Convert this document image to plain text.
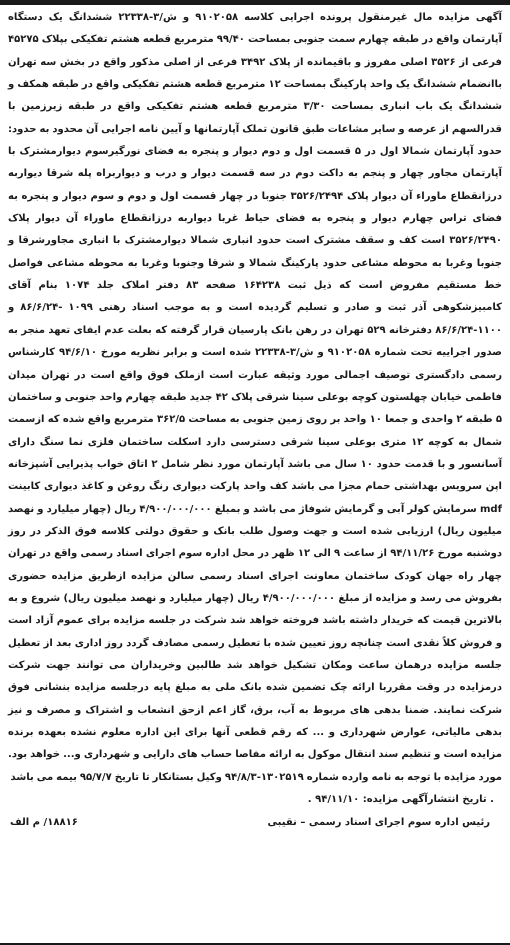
آگهی مزایده مال غیرمنقول پرونده اجرایی کلاسه ۹۱۰۲۰۵۸ و ش/۳-۲۲۳۳۸ ششدانگ یک دستگاه آپارتمان واقع در طبقه چهارم سمت جنوبی بمساحت ۹۹/۴۰ مترمربع قطعه هشتم تفکیکی بپلاک ۴۵۲۷۵ فرعی از ۳۵۲۶ اصلی مفروز و باقیمانده از پلاک ۳۴۹۲ فرعی از اصلی مذکور واقع در بخش سه تهران باانضمام ششدانگ یک واحد پارکینگ بمساحت ۱۲ مترمربع قطعه هشتم تفکیکی واقع در طبقه همکف و ششدانگ یک باب انباری بمساحت ۳/۳۰ مترمربع قطعه هشتم تفکیکی واقع در طبقه زیرزمین با قدرالسهم از عرصه و سایر مشاعات طبق قانون تملک آپارتمانها و آیین نامه اجرایی آن محدود به حدود: حدود آپارتمان شمالا اول در ۵ قسمت اول و دوم دیوار و پنجره به فضای نورگیرسوم دیوارمشترک با آپارتمان مجاور چهار و پنجم به داکت دوم در سه قسمت دیوار و درب و دیواربراه پله شرقا دیواربه درزانقطاع ماوراء آن دیوار پلاک ۳۵۲۶/۲۴۹۴ جنوبا در چهار قسمت اول و دوم و سوم دیوار و پنجره به فضای تراس چهارم دیوار و پنجره به فضای حیاط غربا دیواربه درزانقطاع ماوراء آن دیوار پلاک ۳۵۲۶/۲۴۹۰ است کف و سقف مشترک است حدود انباری شمالا دیوارمشترک با انباری مجاورشرقا و جنوبا وغربا به محوطه مشاعی حدود پارکینگ شمالا و شرقا وجنوبا وغربا به محوطه مشاعی فواصل خط مستقیم مفروض است که ذیل ثبت ۱۶۴۲۳۸ صفحه ۸۳ دفتر املاک جلد ۱۰۷۴ بنام آقای کامبیزشکوهی آذر ثبت و صادر و تسلیم گردیده است و به موجب اسناد رهنی ۱۰۹۹ -۸۶/۶/۲۴ و ۱۱۰۰-۸۶/۶/۲۴ دفترخانه ۵۲۹ تهران در رهن بانک پارسیان قرار گرفته که بعلت عدم ایفای تعهد منجر به صدور اجراییه تحت شماره ۹۱۰۲۰۵۸ و ش/۳-۲۲۳۳۸ شده است و برابر نظریه مورخ ۹۴/۶/۱۰ کارشناس رسمی دادگستری توصیف اجمالی مورد وثیقه عبارت است ازملک فوق واقع است در تهران میدان فاطمی خیابان چهلستون کوچه بوعلی سینا شرقی پلاک ۴۲ جدید طبقه چهارم واحد جنوبی و ساختمان ۵ طبقه ۲ واحدی و جمعا ۱۰ واحد بر روی زمین جنوبی به مساحت ۳۶۲/۵ مترمربع واقع شده که ازسمت شمال به کوچه ۱۲ متری بوعلی سینا شرقی دسترسی دارد اسکلت ساختمان فلزی نما سنگ دارای آسانسور و با قدمت حدود ۱۰ سال می باشد آپارتمان مورد نظر شامل ۲ اتاق خواب پذیرایی آشپزخانه اپن سرویس بهداشتی حمام مجزا می باشد کف واحد پارکت دیواری رنگ روغن و کاغذ دیواری کابینت mdf سرمایش کولر آبی و گرمایش شوفاژ می باشد و بمبلغ ۴/۹۰۰/۰۰۰/۰۰۰ ریال (چهار میلیارد و نهصد میلیون ریال) ارزیابی شده است و جهت وصول طلب بانک و حقوق دولتی کلاسه فوق الذکر در روز دوشنبه مورخ ۹۴/۱۱/۲۶ از ساعت ۹ الی ۱۲ ظهر در محل اداره سوم اجرای اسناد رسمی واقع در تهران چهار راه جهان کودک ساختمان معاونت اجرای اسناد رسمی سالن مزایده ازطریق مزایده حضوری بفروش می رسد و مزایده از مبلغ ۴/۹۰۰/۰۰۰/۰۰۰ ریال (چهار میلیارد و نهصد میلیون ریال) شروع و به بالاترین قیمت که خریدار داشته باشد فروخته خواهد شد شرکت در جلسه مزایده برای عموم آزاد است و فروش کلاً نقدی است چنانچه روز تعیین شده با تعطیل رسمی مصادف گردد روز اداری بعد از تعطیل جلسه مزایده درهمان ساعت ومکان تشکیل خواهد شد طالبین وخریداران می توانند جهت شرکت درمزایده در وقت مقرربا ارائه چک تضمین شده بانک ملی به مبلغ پایه درجلسه مزایده بنشانی فوق شرکت نمایند. ضمنا بدهی های مربوط به آب، برق، گاز اعم ازحق انشعاب و اشتراک و مصرف و نیز بدهی مالیاتی، عوارض شهرداری و ... که رقم قطعی آنها برای این اداره معلوم نشده بعهده برنده مزایده است و تنظیم سند انتقال موکول به ارائه مفاصا حساب های دارایی و شهرداری و... خواهد بود. مورد مزایده با توجه به نامه وارده شماره ۱۳۰۲۵۱۹-۹۴/۸/۳ وکیل بستانکار تا تاریخ ۹۵/۷/۷ بیمه می باشد

. تاریخ انتشارآگهی مزایده: ۹۴/۱۱/۱۰ .

رئیس اداره سوم اجرای اسناد رسمی – نقیبی
۱۸۸۱۶/ م الف
